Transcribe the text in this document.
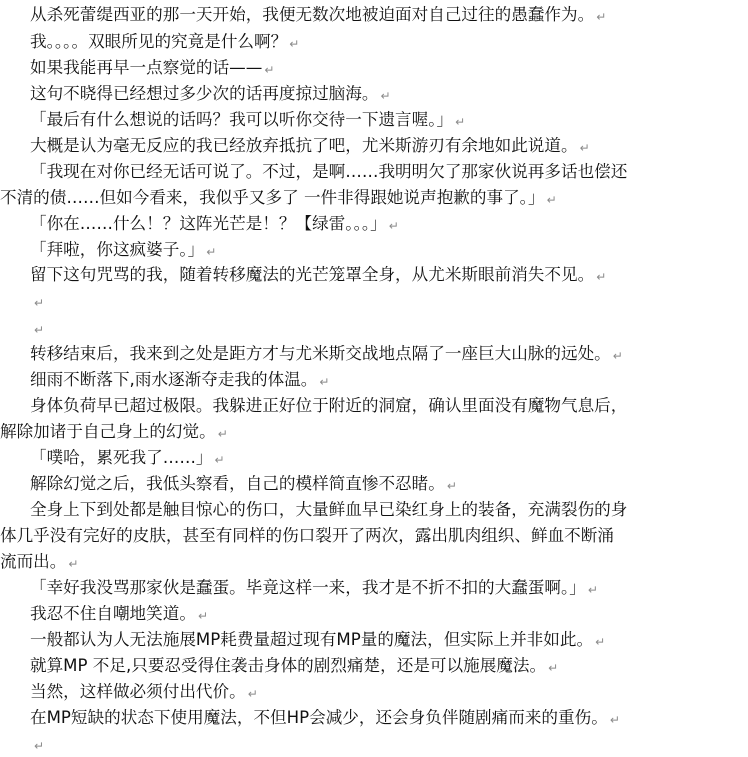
从杀死蕾缇西亚的那一天开始，我便无数次地被迫面对自己过往的愚蠢作为。 ↵
我。。。。双眼所见的究竟是什么啊？ ↵
如果我能再早一点察觉的话—— ↵
这句不晓得已经想过多少次的话再度掠过脑海。 ↵
「最后有什么想说的话吗？我可以听你交待一下遗言喔。」 ↵
大概是认为毫无反应的我已经放弃抵抗了吧，尤米斯游刃有余地如此说道。 ↵
「我现在对你已经无话可说了。不过，是啊……我明明欠了那家伙说再多话也偿还
不清的债……但如今看来，我似乎又多了 一件非得跟她说声抱歉的事了。」 ↵
「你在……什么！？这阵光芒是！？【绿雷。。。」 ↵
「拜啦，你这疯婆子。」 ↵
留下这句咒骂的我，随着转移魔法的光芒笼罩全身，从尤米斯眼前消失不见。 ↵
↵
↵
转移结束后，我来到之处是距方才与尤米斯交战地点隔了一座巨大山脉的远处。 ↵
细雨不断落下,雨水逐渐夺走我的体温。 ↵
身体负荷早已超过极限。我躲进正好位于附近的洞窟，确认里面没有魔物气息后，
解除加诸于自己身上的幻觉。 ↵
「噗哈，累死我了……」 ↵
解除幻觉之后，我低头察看，自己的模样简直惨不忍睹。 ↵
全身上下到处都是触目惊心的伤口，大量鲜血早已染红身上的装备，充满裂伤的身
体几乎没有完好的皮肤，甚至有同样的伤口裂开了两次，露出肌肉组织、鲜血不断涌
流而出。 ↵
「幸好我没骂那家伙是蠢蛋。毕竟这样一来，我才是不折不扣的大蠢蛋啊。」 ↵
我忍不住自嘲地笑道。 ↵
一般都认为人无法施展MP耗费量超过现有MP量的魔法，但实际上并非如此。 ↵
就算MP 不足,只要忍受得住袭击身体的剧烈痛楚，还是可以施展魔法。 ↵
当然，这样做必须付出代价。 ↵
在MP短缺的状态下使用魔法，不但HP会减少，还会身负伴随剧痛而来的重伤。 ↵
↵
